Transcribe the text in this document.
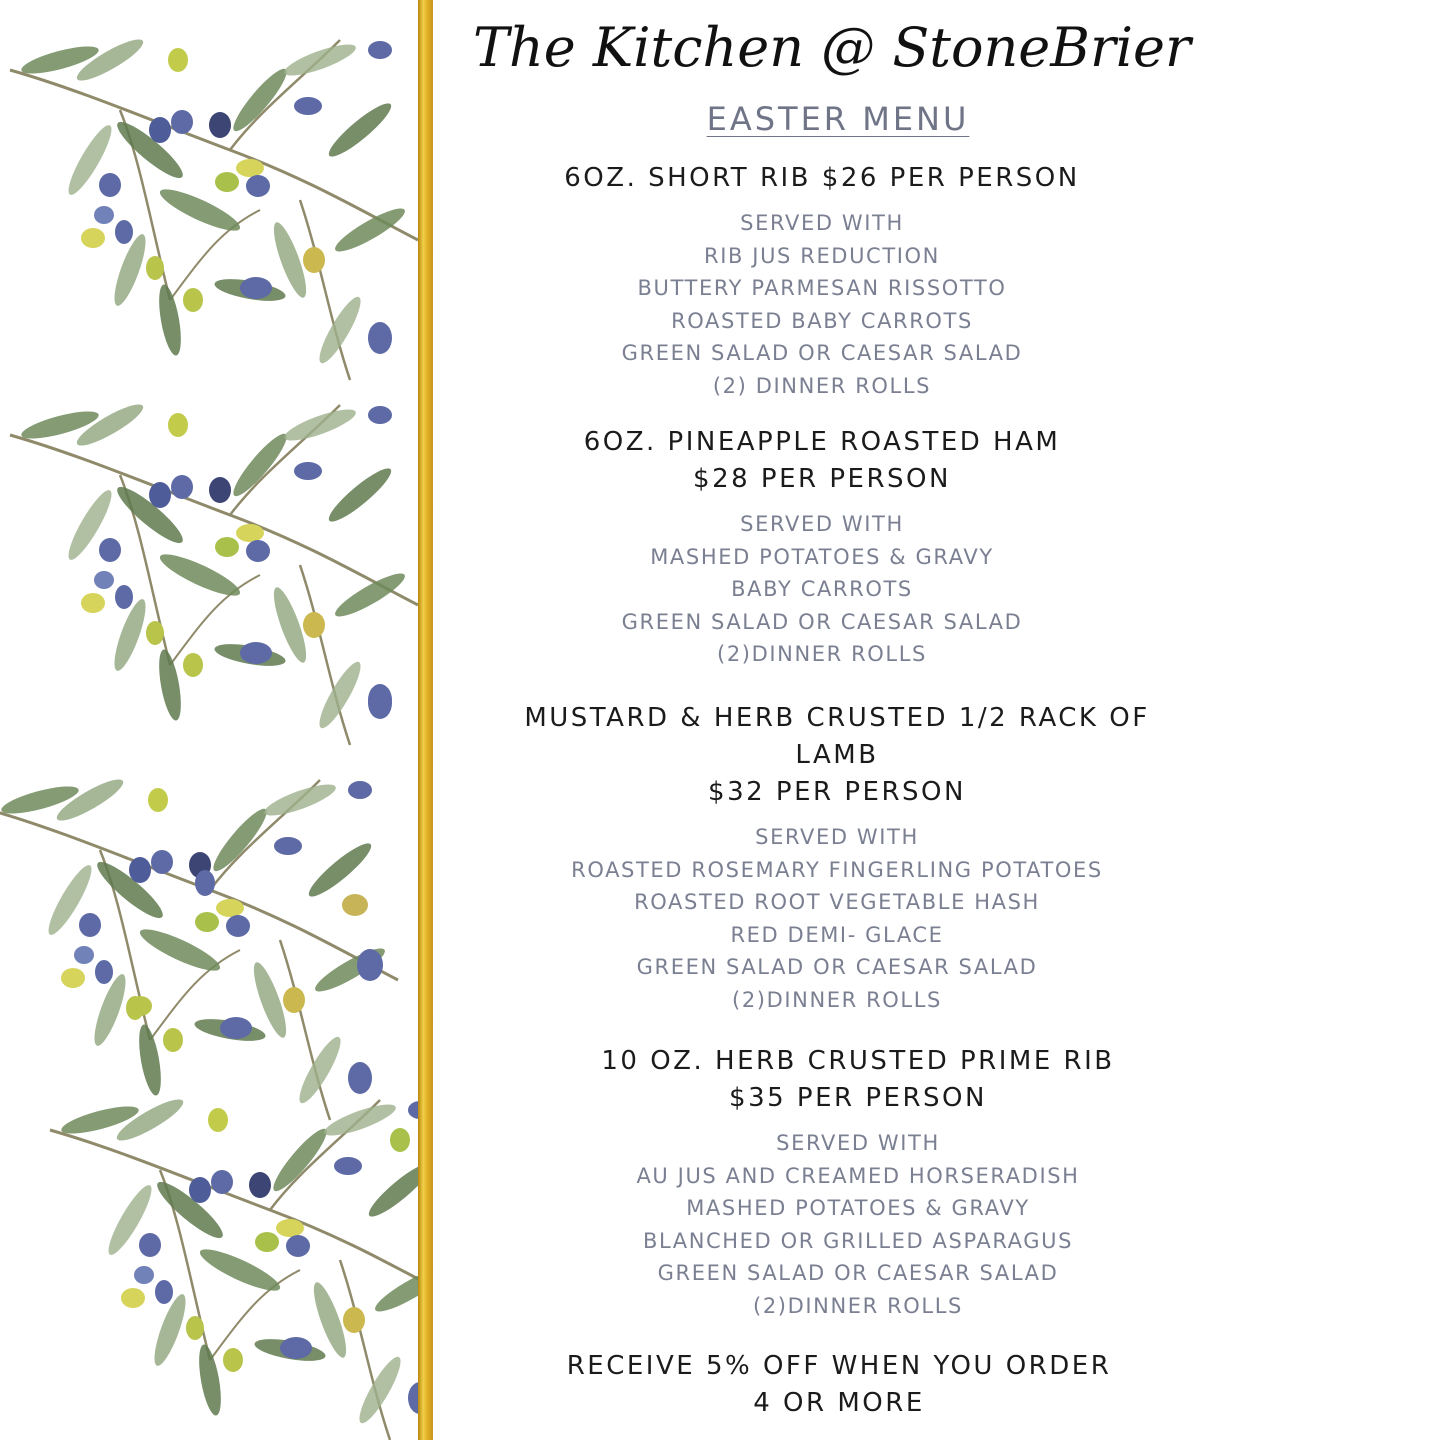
The Kitchen @ StoneBrier
EASTER MENU
6OZ. SHORT RIB $26 PER PERSON
SERVED WITH
RIB JUS REDUCTION
BUTTERY PARMESAN RISSOTTO
ROASTED BABY CARROTS
GREEN SALAD OR CAESAR SALAD
(2) DINNER ROLLS
6OZ. PINEAPPLE ROASTED HAM
$28 PER PERSON
SERVED WITH
MASHED POTATOES & GRAVY
BABY CARROTS
GREEN SALAD OR CAESAR SALAD
(2)DINNER ROLLS
MUSTARD & HERB CRUSTED 1/2 RACK OF
LAMB
$32 PER PERSON
SERVED WITH
ROASTED ROSEMARY FINGERLING POTATOES
ROASTED ROOT VEGETABLE HASH
RED DEMI- GLACE
GREEN SALAD OR CAESAR SALAD
(2)DINNER ROLLS
10 OZ. HERB CRUSTED PRIME RIB
$35 PER PERSON
SERVED WITH
AU JUS AND CREAMED HORSERADISH
MASHED POTATOES & GRAVY
BLANCHED OR GRILLED ASPARAGUS
GREEN SALAD OR CAESAR SALAD
(2)DINNER ROLLS
RECEIVE 5% OFF WHEN YOU ORDER
4 OR MORE
